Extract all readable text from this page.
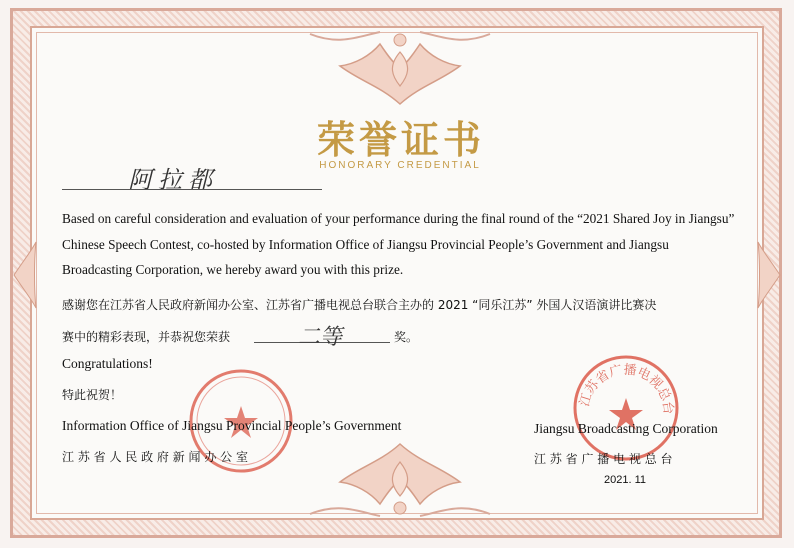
荣誉证书
HONORARY CREDENTIAL
阿拉都
Based on careful consideration and evaluation of your performance during the final round of the “2021 Shared Joy in Jiangsu” Chinese Speech Contest, co-hosted by Information Office of Jiangsu Provincial People’s Government and Jiangsu Broadcasting Corporation, we hereby award you with this prize.
感谢您在江苏省人民政府新闻办公室、江苏省广播电视总台联合主办的 2021 “同乐江苏” 外国人汉语演讲比赛决
赛中的精彩表现，并恭祝您荣获	二等	奖。
Congratulations!
特此祝贺！
Information Office of Jiangsu Provincial People’s Government
江 苏 省 人 民 政 府 新 闻 办 公 室
江苏省广播电视总台
Jiangsu Broadcasting Corporation
江 苏 省 广 播 电 视 总 台
2021. 11
